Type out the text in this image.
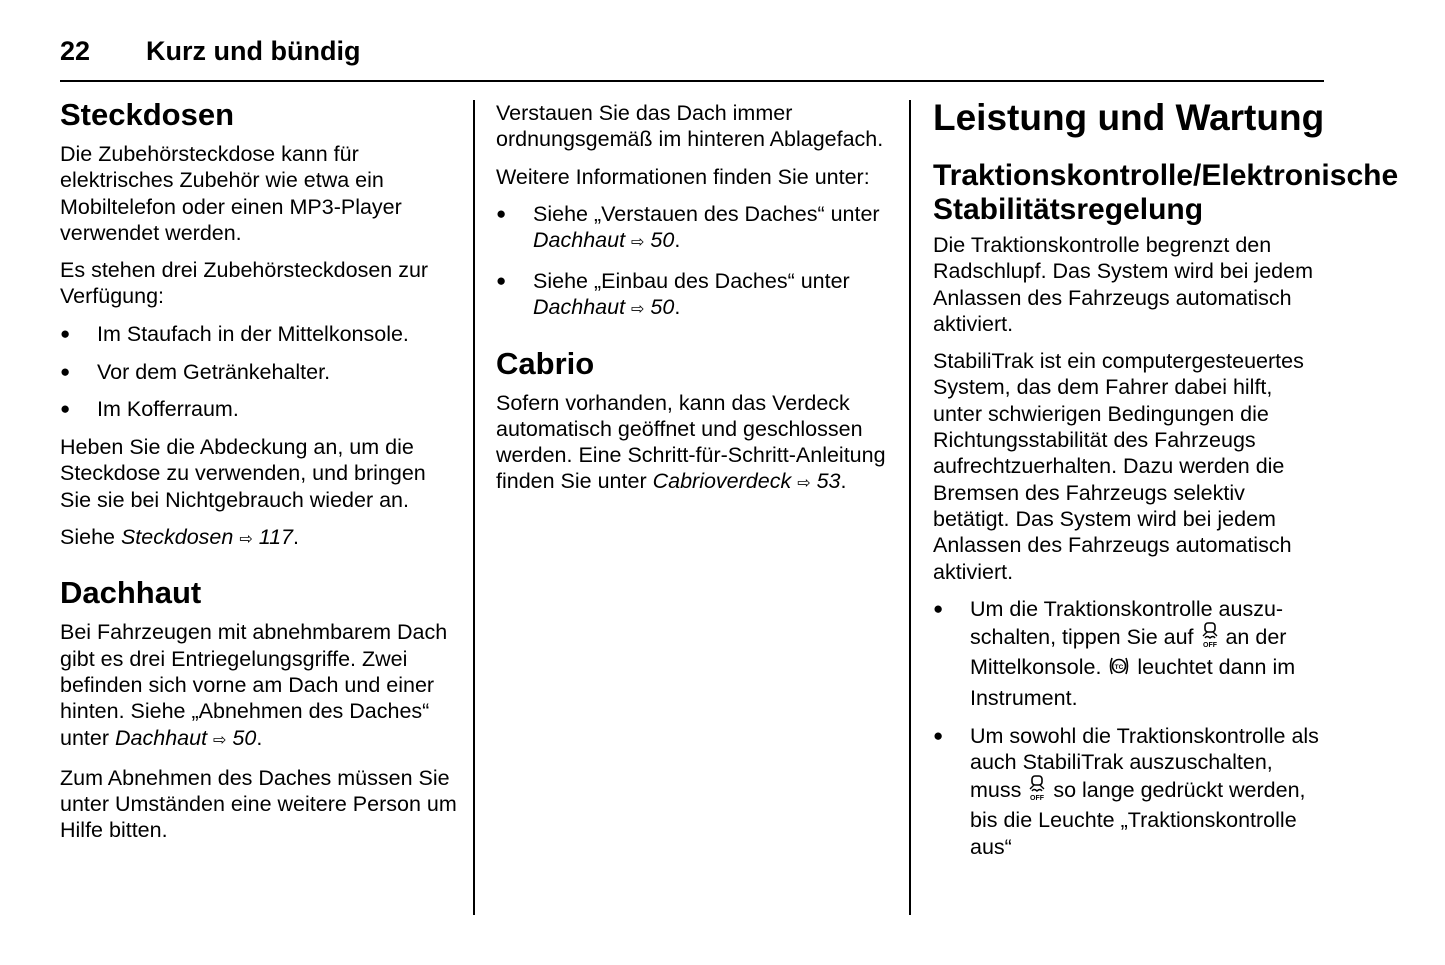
22 Kurz und bündig
Steckdosen

Die Zubehörsteckdose kann für elektrisches Zubehör wie etwa ein Mobiltelefon oder einen MP3-Player verwendet werden.

Es stehen drei Zubehörsteckdosen zur Verfügung:

● Im Staufach in der Mittelkonsole.
● Vor dem Getränkehalter.
● Im Kofferraum.

Heben Sie die Abdeckung an, um die Steckdose zu verwenden, und bringen Sie sie bei Nichtgebrauch wieder an.

Siehe Steckdosen ⇨ 117.

Dachhaut

Bei Fahrzeugen mit abnehmbarem Dach gibt es drei Entriegelungsgriffe. Zwei befinden sich vorne am Dach und einer hinten. Siehe „Abnehmen des Daches“ unter Dachhaut ⇨ 50.

Zum Abnehmen des Daches müssen Sie unter Umständen eine weitere Person um Hilfe bitten.

Verstauen Sie das Dach immer ordnungsgemäß im hinteren Ablagefach.

Weitere Informationen finden Sie unter:

● Siehe „Verstauen des Daches“ unter Dachhaut ⇨ 50.
● Siehe „Einbau des Daches“ unter Dachhaut ⇨ 50.
Cabrio

Sofern vorhanden, kann das Verdeck automatisch geöffnet und geschlossen werden. Eine Schritt-für-Schritt-Anleitung finden Sie unter Cabrioverdeck ⇨ 53.

Leistung und Wartung
Traktionskontrolle/Elektronische Stabilitätsregelung

Die Traktionskontrolle begrenzt den Radschlupf. Das System wird bei jedem Anlassen des Fahrzeugs automatisch aktiviert.

StabiliTrak ist ein computergesteuertes System, das dem Fahrer dabei hilft, unter schwierigen Bedingungen die Richtungsstabilität des Fahrzeugs aufrechtzuerhalten. Dazu werden die Bremsen des Fahrzeugs selektiv betätigt. Das System wird bei jedem Anlassen des Fahrzeugs automatisch aktiviert.

● Um die Traktionskontrolle auszuschalten, tippen Sie auf OFF an der Mittelkonsole. TC leuchtet dann im Instrument.
● Um sowohl die Traktionskontrolle als auch StabiliTrak auszuschalten, muss OFF so lange gedrückt werden, bis die Leuchte „Traktionskontrolle aus“
